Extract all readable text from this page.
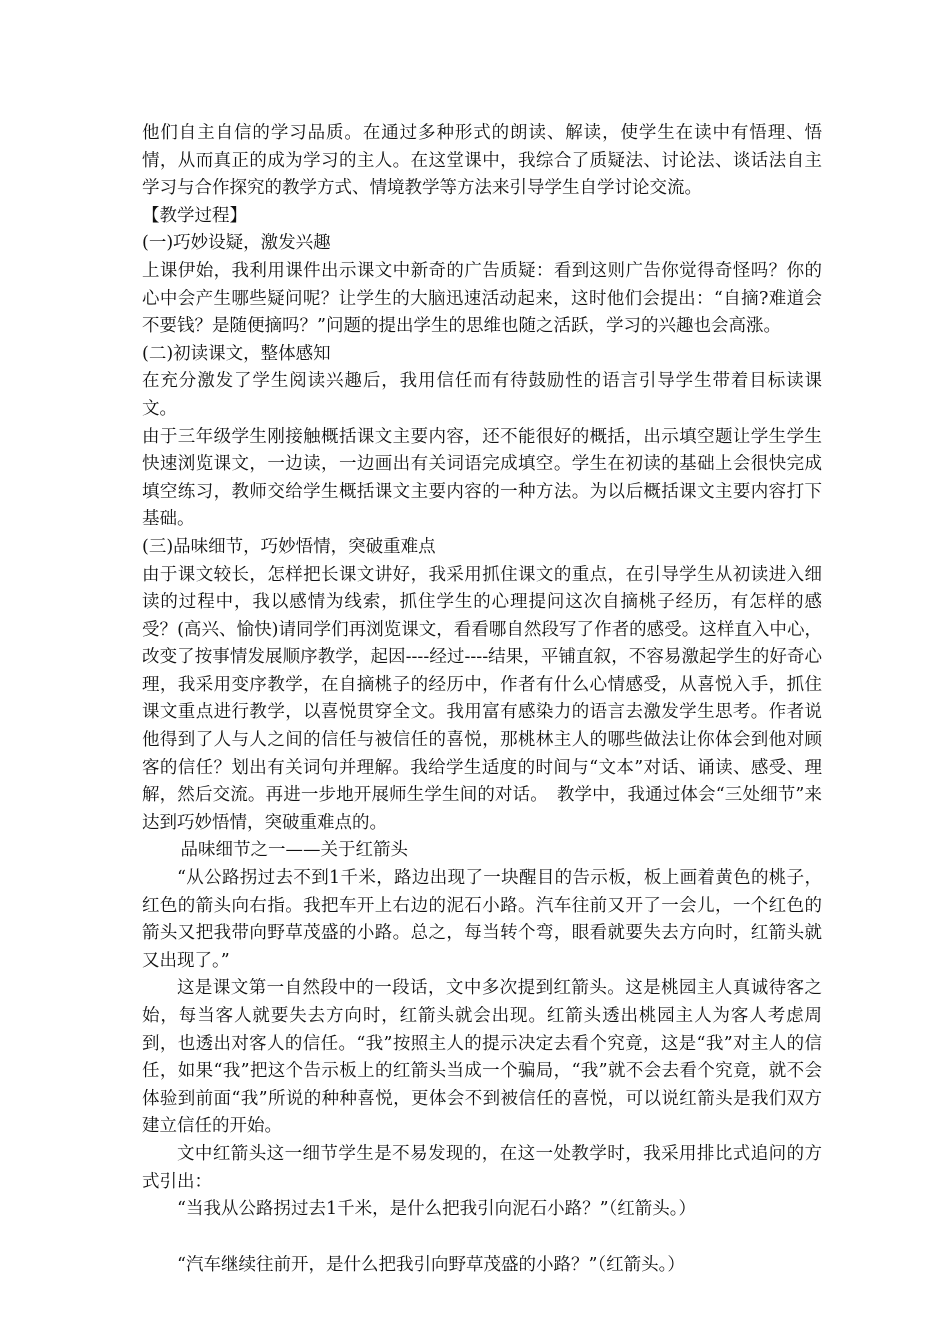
他们自主自信的学习品质。在通过多种形式的朗读、解读，使学生在读中有悟理、悟情，从而真正的成为学习的主人。在这堂课中，我综合了质疑法、讨论法、谈话法自主学习与合作探究的教学方式、情境教学等方法来引导学生自学讨论交流。

【教学过程】

(一)巧妙设疑，激发兴趣

上课伊始，我利用课件出示课文中新奇的广告质疑：看到这则广告你觉得奇怪吗？你的心中会产生哪些疑问呢？让学生的大脑迅速活动起来，这时他们会提出：“自摘?难道会不要钱？是随便摘吗？”问题的提出学生的思维也随之活跃，学习的兴趣也会高涨。

(二)初读课文，整体感知

在充分激发了学生阅读兴趣后，我用信任而有待鼓励性的语言引导学生带着目标读课文。

由于三年级学生刚接触概括课文主要内容，还不能很好的概括，出示填空题让学生学生快速浏览课文，一边读，一边画出有关词语完成填空。学生在初读的基础上会很快完成填空练习，教师交给学生概括课文主要内容的一种方法。为以后概括课文主要内容打下基础。

(三)品味细节，巧妙悟情，突破重难点

由于课文较长，怎样把长课文讲好，我采用抓住课文的重点，在引导学生从初读进入细读的过程中，我以感情为线索，抓住学生的心理提问这次自摘桃子经历，有怎样的感受？(高兴、愉快)请同学们再浏览课文，看看哪自然段写了作者的感受。这样直入中心，改变了按事情发展顺序教学，起因----经过----结果，平铺直叙，不容易激起学生的好奇心理，我采用变序教学，在自摘桃子的经历中，作者有什么心情感受，从喜悦入手，抓住课文重点进行教学，以喜悦贯穿全文。我用富有感染力的语言去激发学生思考。作者说他得到了人与人之间的信任与被信任的喜悦，那桃林主人的哪些做法让你体会到他对顾客的信任？划出有关词句并理解。我给学生适度的时间与“文本”对话、诵读、感受、理解，然后交流。再进一步地开展师生学生间的对话。　教学中，我通过体会“三处细节”来达到巧妙悟情，突破重难点的。

品味细节之一——关于红箭头

“从公路拐过去不到1千米，路边出现了一块醒目的告示板，板上画着黄色的桃子，红色的箭头向右指。我把车开上右边的泥石小路。汽车往前又开了一会儿，一个红色的箭头又把我带向野草茂盛的小路。总之，每当转个弯，眼看就要失去方向时，红箭头就又出现了。”

这是课文第一自然段中的一段话，文中多次提到红箭头。这是桃园主人真诚待客之始，每当客人就要失去方向时，红箭头就会出现。红箭头透出桃园主人为客人考虑周到，也透出对客人的信任。“我”按照主人的提示决定去看个究竟，这是“我”对主人的信任，如果“我”把这个告示板上的红箭头当成一个骗局，“我”就不会去看个究竟，就不会体验到前面“我”所说的种种喜悦，更体会不到被信任的喜悦，可以说红箭头是我们双方建立信任的开始。

文中红箭头这一细节学生是不易发现的，在这一处教学时，我采用排比式追问的方式引出：

“当我从公路拐过去1千米，是什么把我引向泥石小路？”（红箭头。）

“汽车继续往前开，是什么把我引向野草茂盛的小路？”（红箭头。）
